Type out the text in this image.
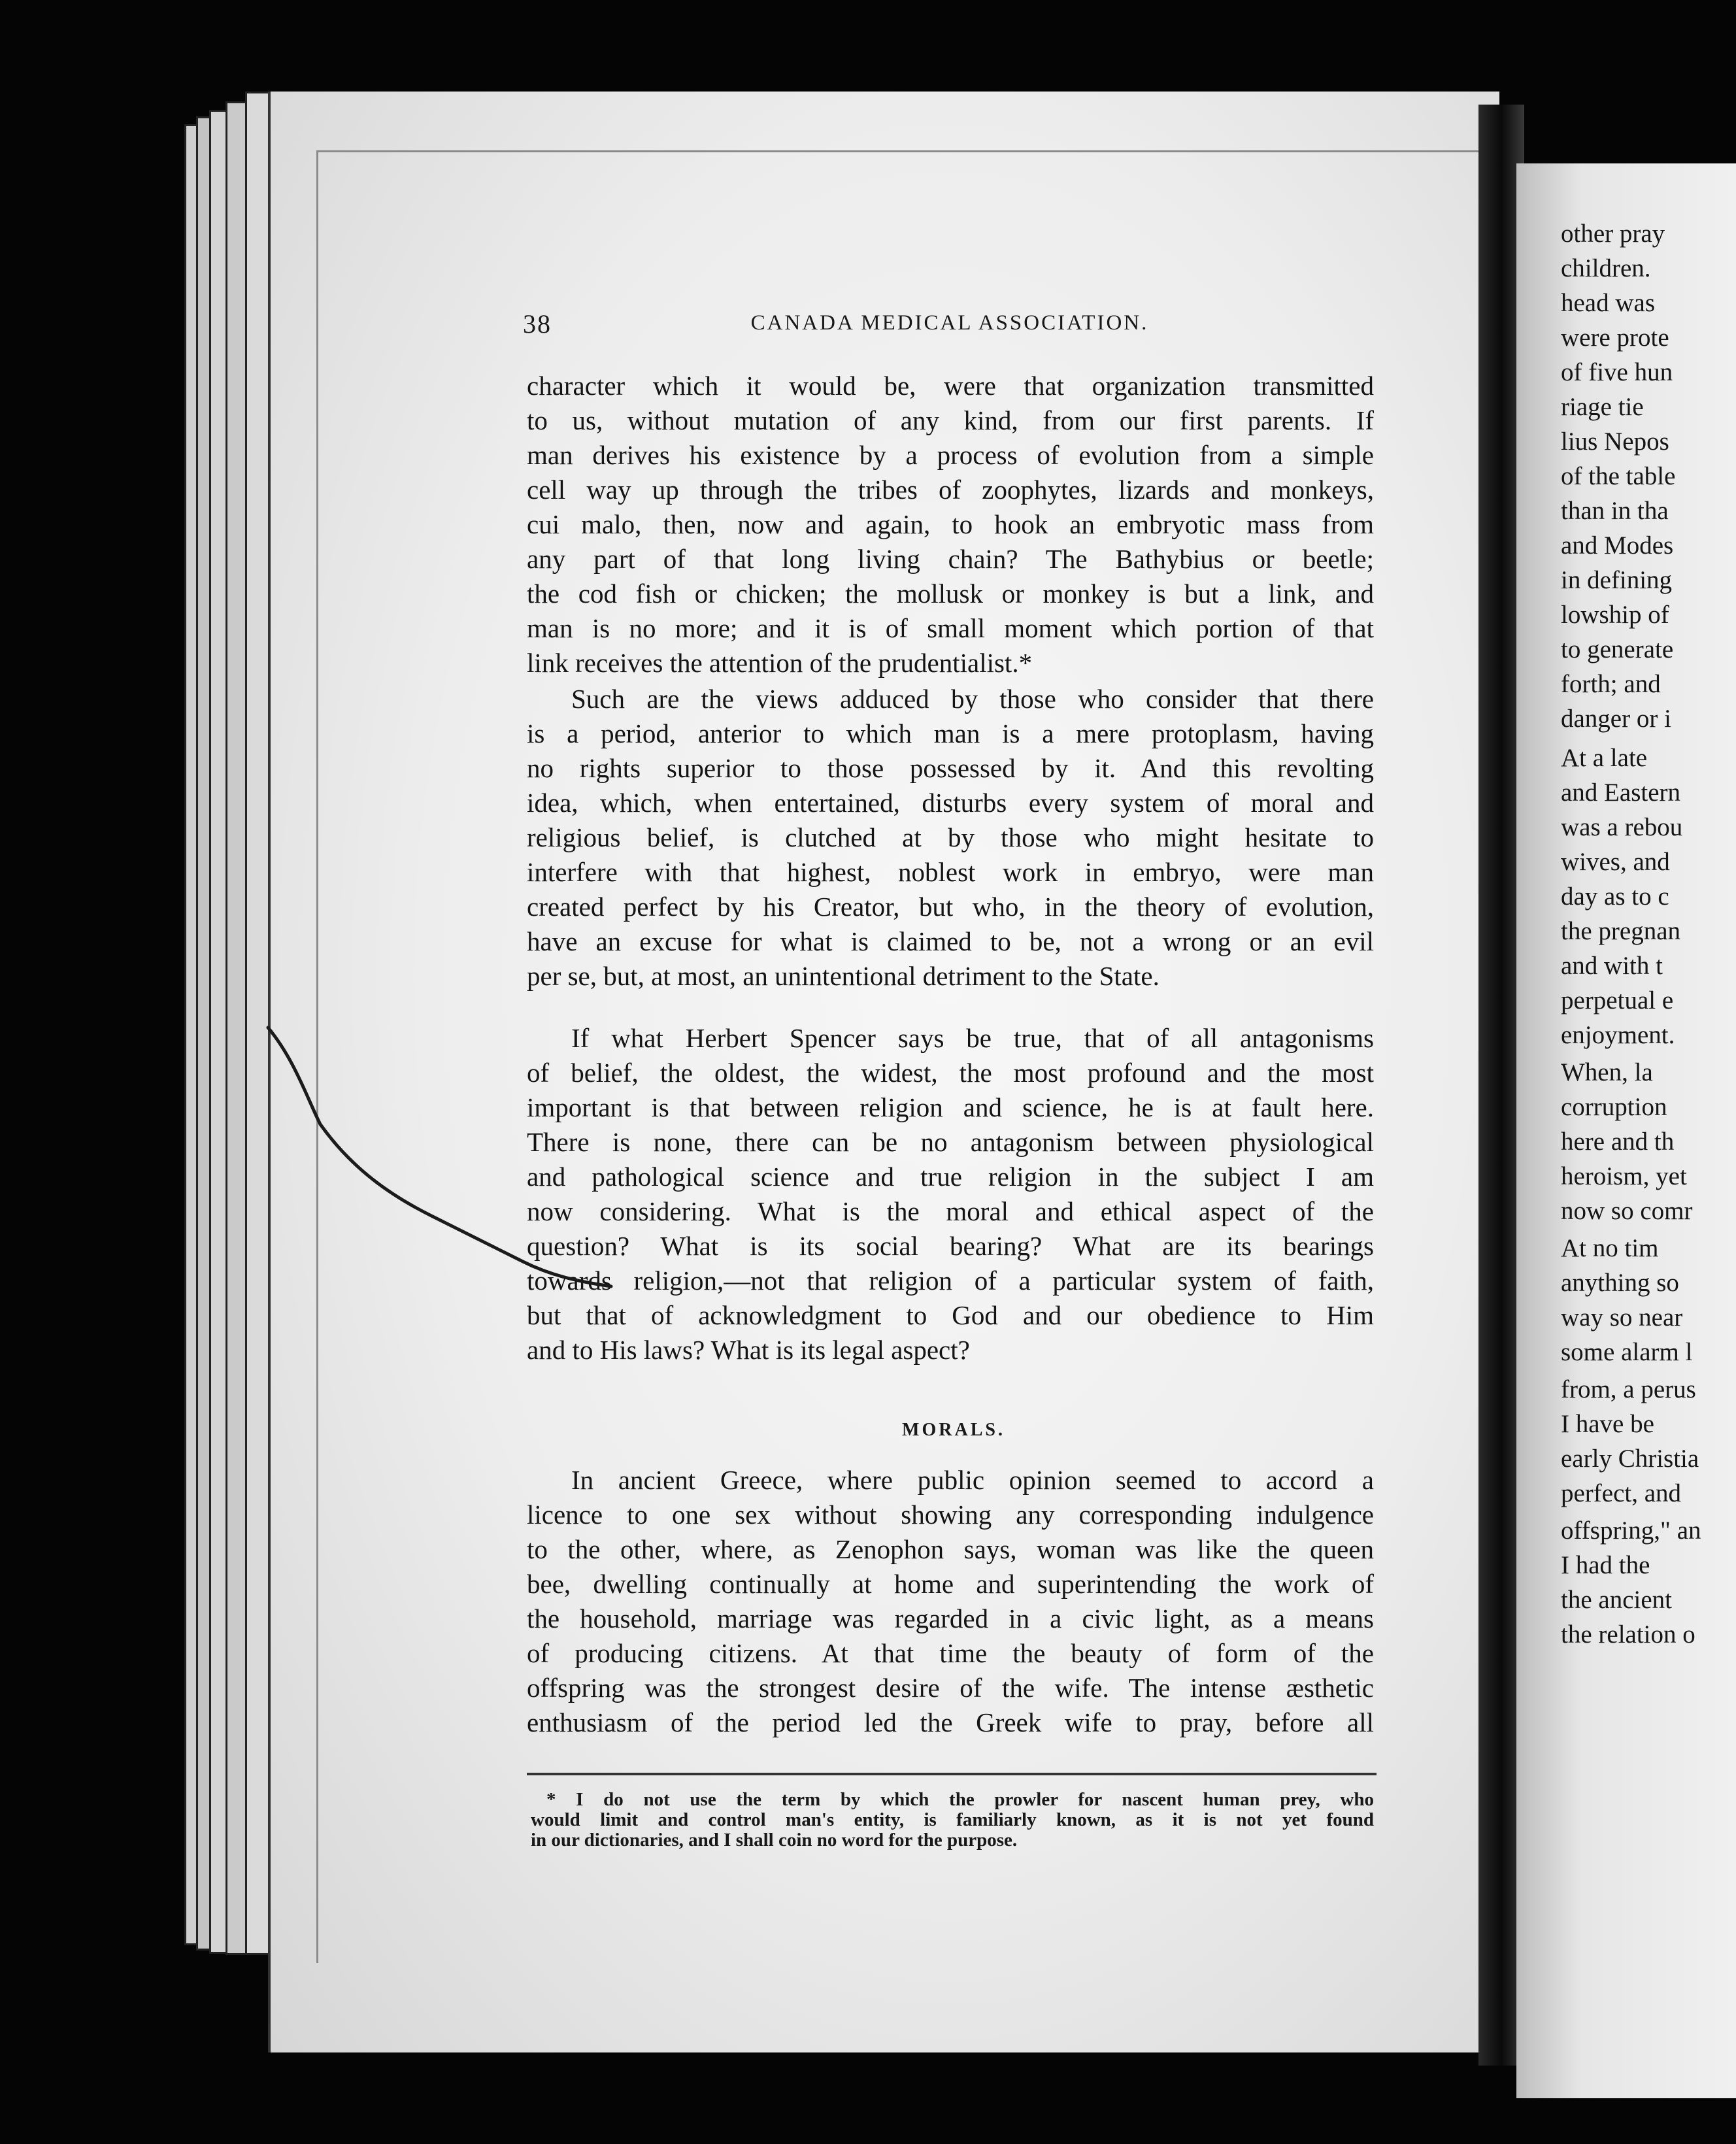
other pray
children.
head was
were prote
of five hun
riage tie
lius Nepos
of the table
than in tha
and Modes
in defining
lowship of
to generate
forth; and
danger or i
At a late
and Eastern
was a rebou
wives, and
day as to c
the pregnan
and with t
perpetual e
enjoyment.
When, la
corruption
here and th
heroism, yet
now so comr
At no tim
anything so
way so near
some alarm l
from, a perus
I have be
early Christia
perfect, and
offspring," an
I had the
the ancient
the relation o
38	CANADA MEDICAL ASSOCIATION.
character which it would be, were that organization transmitted
to us, without mutation of any kind, from our first parents. If
man derives his existence by a process of evolution from a simple
cell way up through the tribes of zoophytes, lizards and monkeys,
cui malo, then, now and again, to hook an embryotic mass from
any part of that long living chain? The Bathybius or beetle;
the cod fish or chicken; the mollusk or monkey is but a link, and
man is no more; and it is of small moment which portion of that
link receives the attention of the prudentialist.*
Such are the views adduced by those who consider that there
is a period, anterior to which man is a mere protoplasm, having
no rights superior to those possessed by it. And this revolting
idea, which, when entertained, disturbs every system of moral and
religious belief, is clutched at by those who might hesitate to
interfere with that highest, noblest work in embryo, were man
created perfect by his Creator, but who, in the theory of evolution,
have an excuse for what is claimed to be, not a wrong or an evil
per se, but, at most, an unintentional detriment to the State.
If what Herbert Spencer says be true, that of all antagonisms
of belief, the oldest, the widest, the most profound and the most
important is that between religion and science, he is at fault here.
There is none, there can be no antagonism between physiological
and pathological science and true religion in the subject I am
now considering. What is the moral and ethical aspect of the
question? What is its social bearing? What are its bearings
towards religion,—not that religion of a particular system of faith,
but that of acknowledgment to God and our obedience to Him
and to His laws? What is its legal aspect?
MORALS.
In ancient Greece, where public opinion seemed to accord a
licence to one sex without showing any corresponding indulgence
to the other, where, as Zenophon says, woman was like the queen
bee, dwelling continually at home and superintending the work of
the household, marriage was regarded in a civic light, as a means
of producing citizens. At that time the beauty of form of the
offspring was the strongest desire of the wife. The intense æsthetic
enthusiasm of the period led the Greek wife to pray, before all
* I do not use the term by which the prowler for nascent human prey, who
would limit and control man's entity, is familiarly known, as it is not yet found
in our dictionaries, and I shall coin no word for the purpose.
